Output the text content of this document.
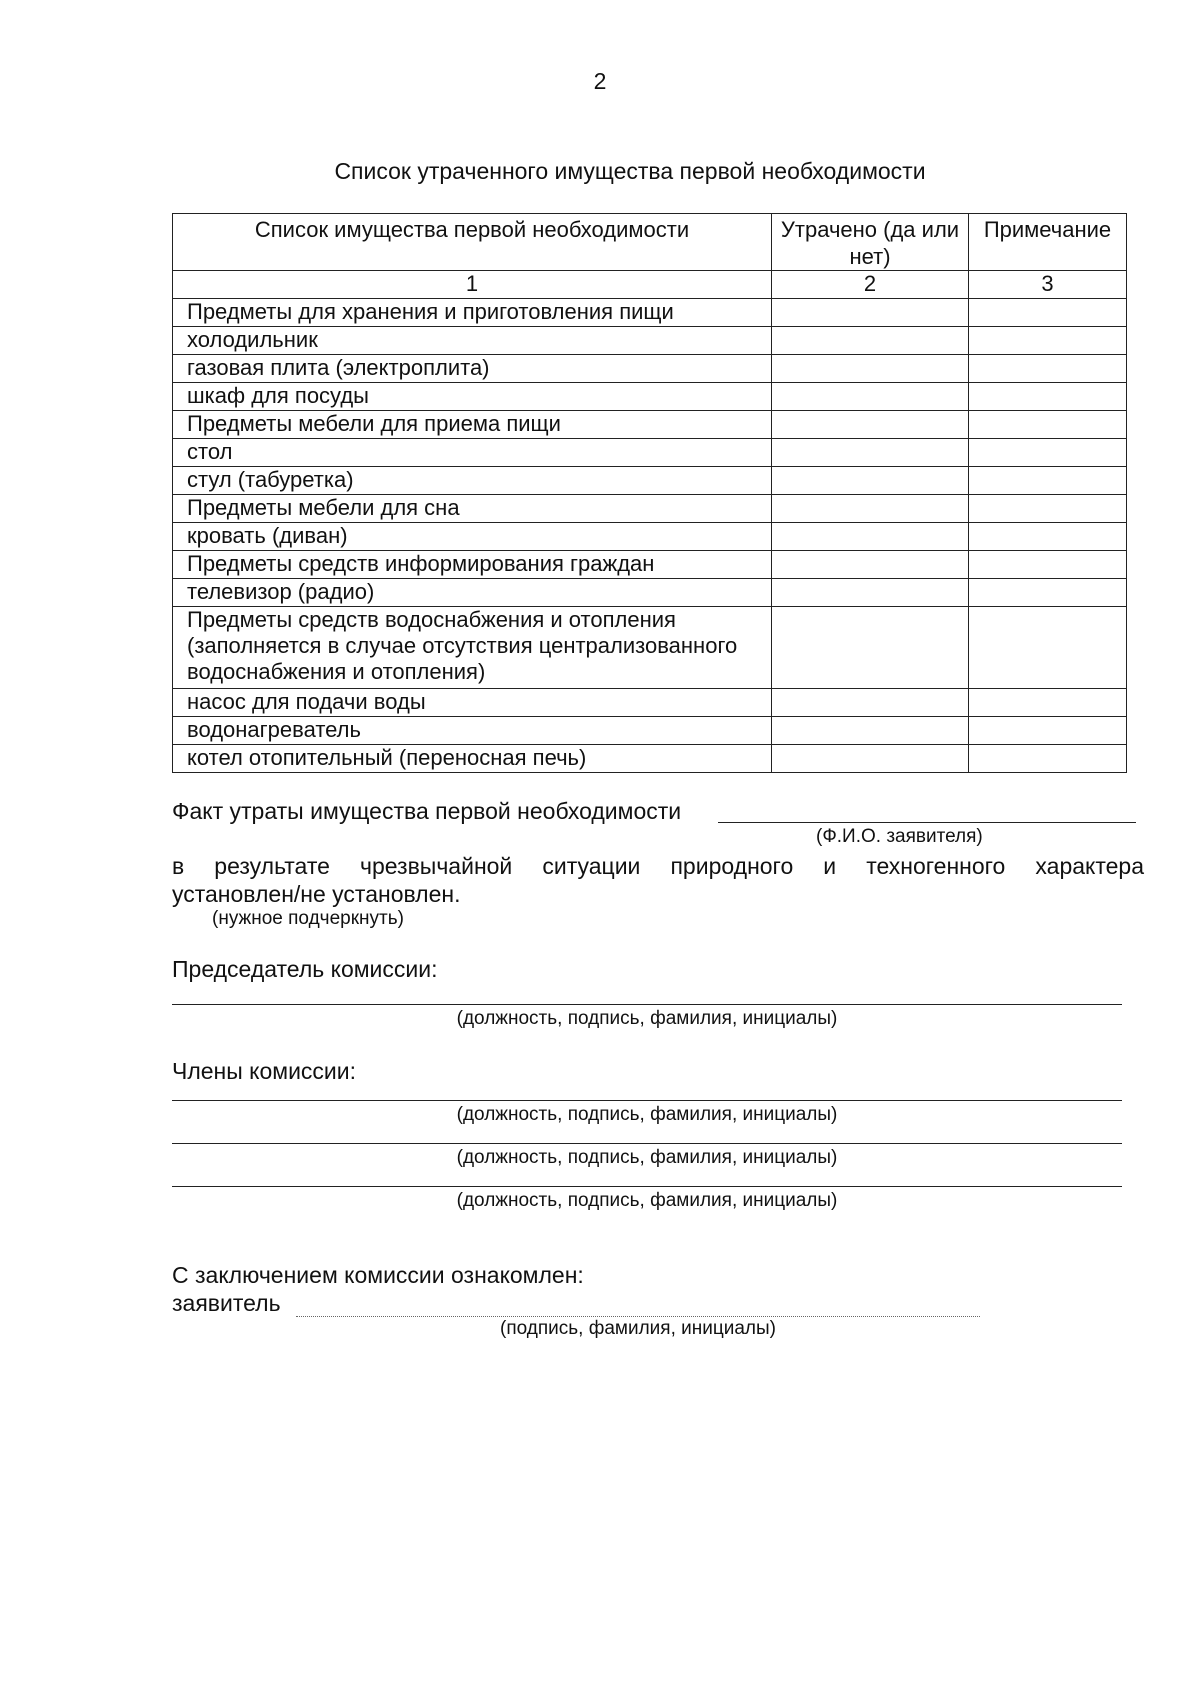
2
Список утраченного имущества первой необходимости
Список имущества первой необходимости	Утрачено (да или нет)	Примечание
1	2	3
Предметы для хранения и приготовления пищи		
холодильник		
газовая плита (электроплита)		
шкаф для посуды		
Предметы мебели для приема пищи		
стол		
стул (табуретка)		
Предметы мебели для сна		
кровать (диван)		
Предметы средств информирования граждан		
телевизор (радио)		
Предметы средств водоснабжения и отопления (заполняется в случае отсутствия централизованного водоснабжения и отопления)		
насос для подачи воды		
водонагреватель		
котел отопительный (переносная печь)		
Факт утраты имущества первой необходимости
(Ф.И.О. заявителя)
в результате чрезвычайной ситуации природного и техногенного характера
установлен/не установлен.
(нужное подчеркнуть)
Председатель комиссии:
(должность, подпись, фамилия, инициалы)
Члены комиссии:
(должность, подпись, фамилия, инициалы)
(должность, подпись, фамилия, инициалы)
(должность, подпись, фамилия, инициалы)
С заключением комиссии ознакомлен:
заявитель
(подпись, фамилия, инициалы)
